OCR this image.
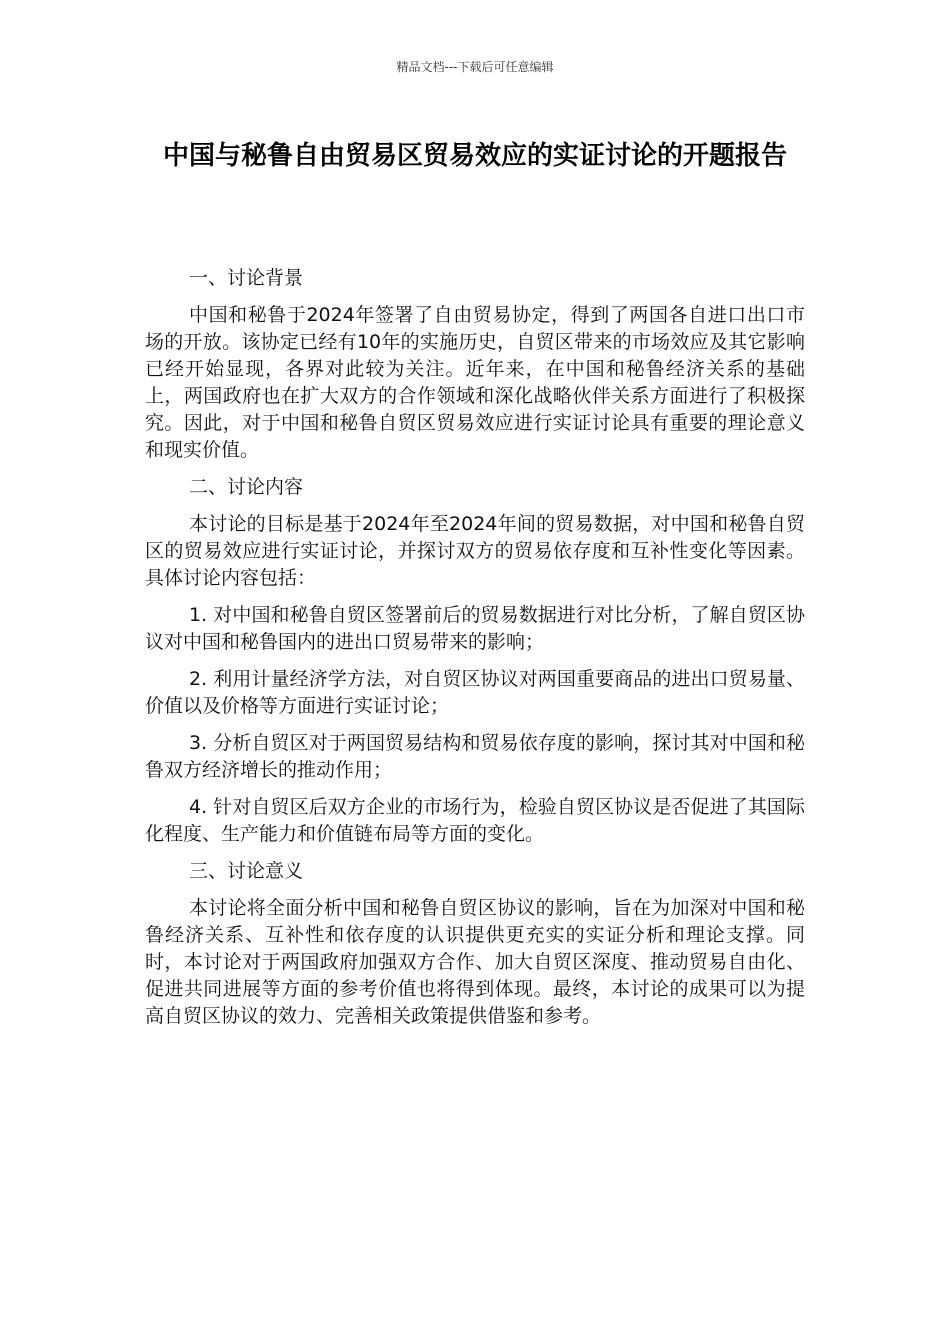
精品文档---下载后可任意编辑
中国与秘鲁自由贸易区贸易效应的实证讨论的开题报告

一、讨论背景

中国和秘鲁于2024年签署了自由贸易协定，得到了两国各自进口出口市场的开放。该协定已经有10年的实施历史，自贸区带来的市场效应及其它影响已经开始显现，各界对此较为关注。近年来，在中国和秘鲁经济关系的基础上，两国政府也在扩大双方的合作领域和深化战略伙伴关系方面进行了积极探究。因此，对于中国和秘鲁自贸区贸易效应进行实证讨论具有重要的理论意义和现实价值。

二、讨论内容

本讨论的目标是基于2024年至2024年间的贸易数据，对中国和秘鲁自贸区的贸易效应进行实证讨论，并探讨双方的贸易依存度和互补性变化等因素。具体讨论内容包括：

1. 对中国和秘鲁自贸区签署前后的贸易数据进行对比分析，了解自贸区协议对中国和秘鲁国内的进出口贸易带来的影响；

2. 利用计量经济学方法，对自贸区协议对两国重要商品的进出口贸易量、价值以及价格等方面进行实证讨论；

3. 分析自贸区对于两国贸易结构和贸易依存度的影响，探讨其对中国和秘鲁双方经济增长的推动作用；

4. 针对自贸区后双方企业的市场行为，检验自贸区协议是否促进了其国际化程度、生产能力和价值链布局等方面的变化。

三、讨论意义

本讨论将全面分析中国和秘鲁自贸区协议的影响，旨在为加深对中国和秘鲁经济关系、互补性和依存度的认识提供更充实的实证分析和理论支撑。同时，本讨论对于两国政府加强双方合作、加大自贸区深度、推动贸易自由化、促进共同进展等方面的参考价值也将得到体现。最终，本讨论的成果可以为提高自贸区协议的效力、完善相关政策提供借鉴和参考。
